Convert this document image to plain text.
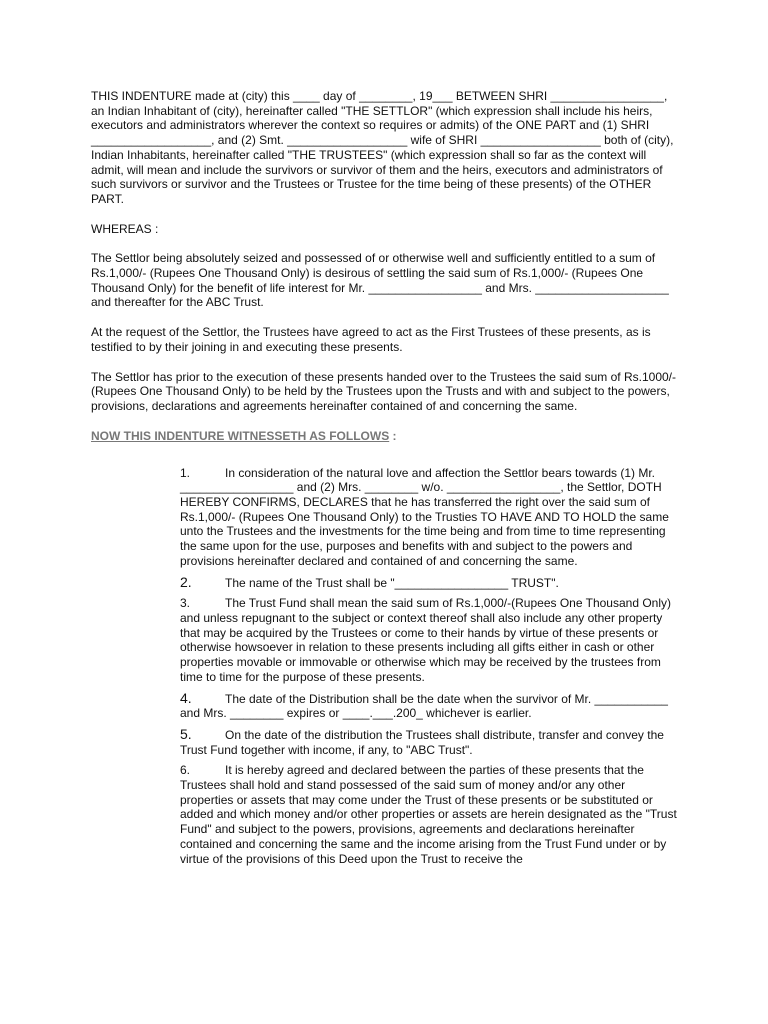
THIS INDENTURE made at (city) this ____ day of ________, 19___ BETWEEN SHRI _________________, an Indian Inhabitant of (city), hereinafter called "THE SETTLOR" (which expression shall include his heirs, executors and administrators wherever the context so requires or admits) of the ONE PART and (1) SHRI __________________, and (2) Smt. __________________ wife of SHRI __________________ both of (city), Indian Inhabitants, hereinafter called "THE TRUSTEES" (which expression shall so far as the context will admit, will mean and include the survivors or survivor of them and the heirs, executors and administrators of such survivors or survivor and the Trustees or Trustee for the time being of these presents) of the OTHER PART.

WHEREAS :

The Settlor being absolutely seized and possessed of or otherwise well and sufficiently entitled to a sum of Rs.1,000/- (Rupees One Thousand Only) is desirous of settling the said sum of Rs.1,000/- (Rupees One Thousand Only) for the benefit of life interest for Mr. _________________ and Mrs. ____________________ and thereafter for the ABC Trust.

At the request of the Settlor, the Trustees have agreed to act as the First Trustees of these presents, as is testified to by their joining in and executing these presents.

The Settlor has prior to the execution of these presents handed over to the Trustees the said sum of Rs.1000/- (Rupees One Thousand Only) to be held by the Trustees upon the Trusts and with and subject to the powers, provisions, declarations and agreements hereinafter contained of and concerning the same.

NOW THIS INDENTURE WITNESSETH AS FOLLOWS :
1.	In consideration of the natural love and affection the Settlor bears towards (1) Mr. _________________ and (2) Mrs. ________ w/o. _________________, the Settlor, DOTH HEREBY CONFIRMS, DECLARES that he has transferred the right over the said sum of Rs.1,000/- (Rupees One Thousand Only) to the Trusties TO HAVE AND TO HOLD the same unto the Trustees and the investments for the time being and from time to time representing the same upon for the use, purposes and benefits with and subject to the powers and provisions hereinafter declared and contained of and concerning the same.
2.	The name of the Trust shall be "_________________ TRUST".
3.	The Trust Fund shall mean the said sum of Rs.1,000/-(Rupees One Thousand Only) and unless repugnant to the subject or context thereof shall also include any other property that may be acquired by the Trustees or come to their hands by virtue of these presents or otherwise howsoever in relation to these presents including all gifts either in cash or other properties movable or immovable or otherwise which may be received by the trustees from time to time for the purpose of these presents.
4.	The date of the Distribution shall be the date when the survivor of Mr. ___________ and Mrs. ________ expires or ____.___.200_ whichever is earlier.
5.	On the date of the distribution the Trustees shall distribute, transfer and convey the Trust Fund together with income, if any, to "ABC Trust".
6.	It is hereby agreed and declared between the parties of these presents that the Trustees shall hold and stand possessed of the said sum of money and/or any other properties or assets that may come under the Trust of these presents or be substituted or added and which money and/or other properties or assets are herein designated as the "Trust Fund" and subject to the powers, provisions, agreements and declarations hereinafter contained and concerning the same and the income arising from the Trust Fund under or by virtue of the provisions of this Deed upon the Trust to receive the
